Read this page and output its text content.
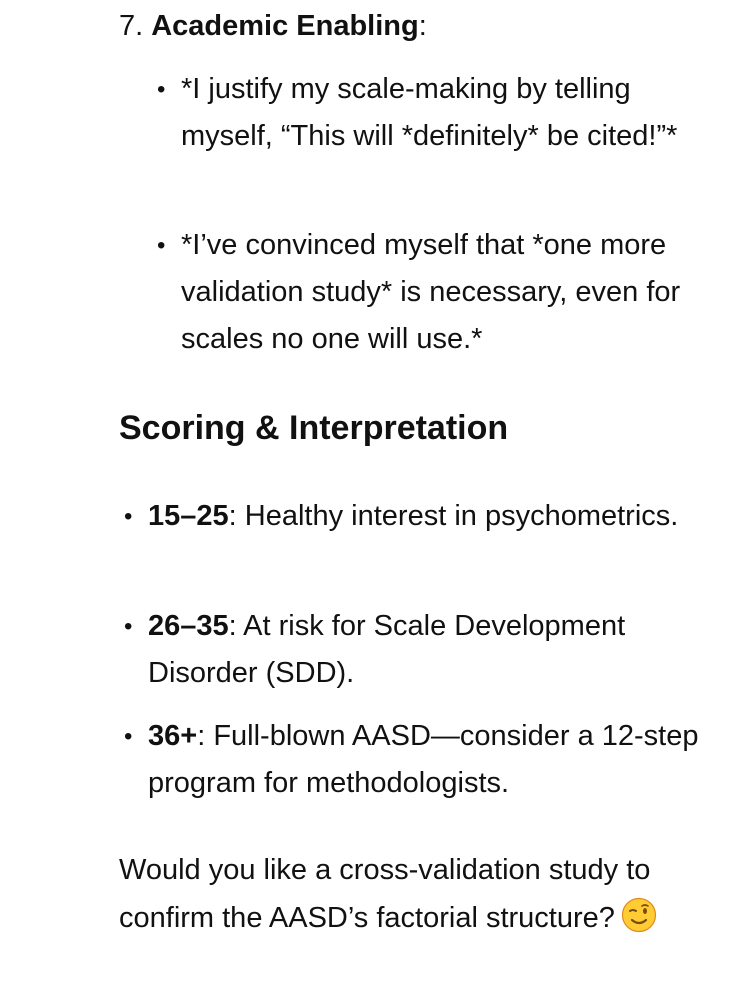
7. Academic Enabling:
• *I justify my scale-making by telling myself, “This will *definitely* be cited!”*
• *I’ve convinced myself that *one more validation study* is necessary, even for scales no one will use.*
Scoring & Interpretation
• 15–25: Healthy interest in psychometrics.
• 26–35: At risk for Scale Development Disorder (SDD).
• 36+: Full-blown AASD—consider a 12-step program for methodologists.
Would you like a cross-validation study to confirm the AASD’s factorial structure?
